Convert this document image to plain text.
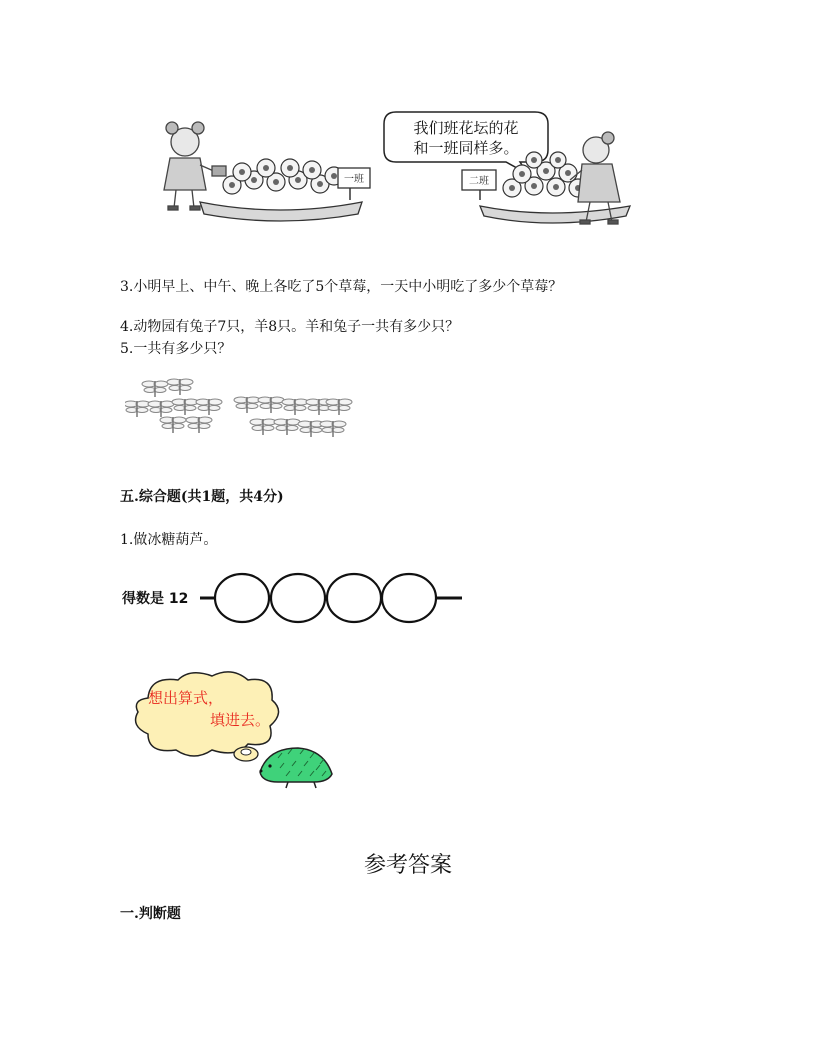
一班
我们班花坛的花
和一班同样多。
二班
3.小明早上、中午、晚上各吃了5个草莓，一天中小明吃了多少个草莓？
4.动物园有兔子7只，羊8只。羊和兔子一共有多少只？
5.一共有多少只？
五.综合题(共1题，共4分)
1.做冰糖葫芦。
得数是 12
想出算式，
填进去。
参考答案
一.判断题
